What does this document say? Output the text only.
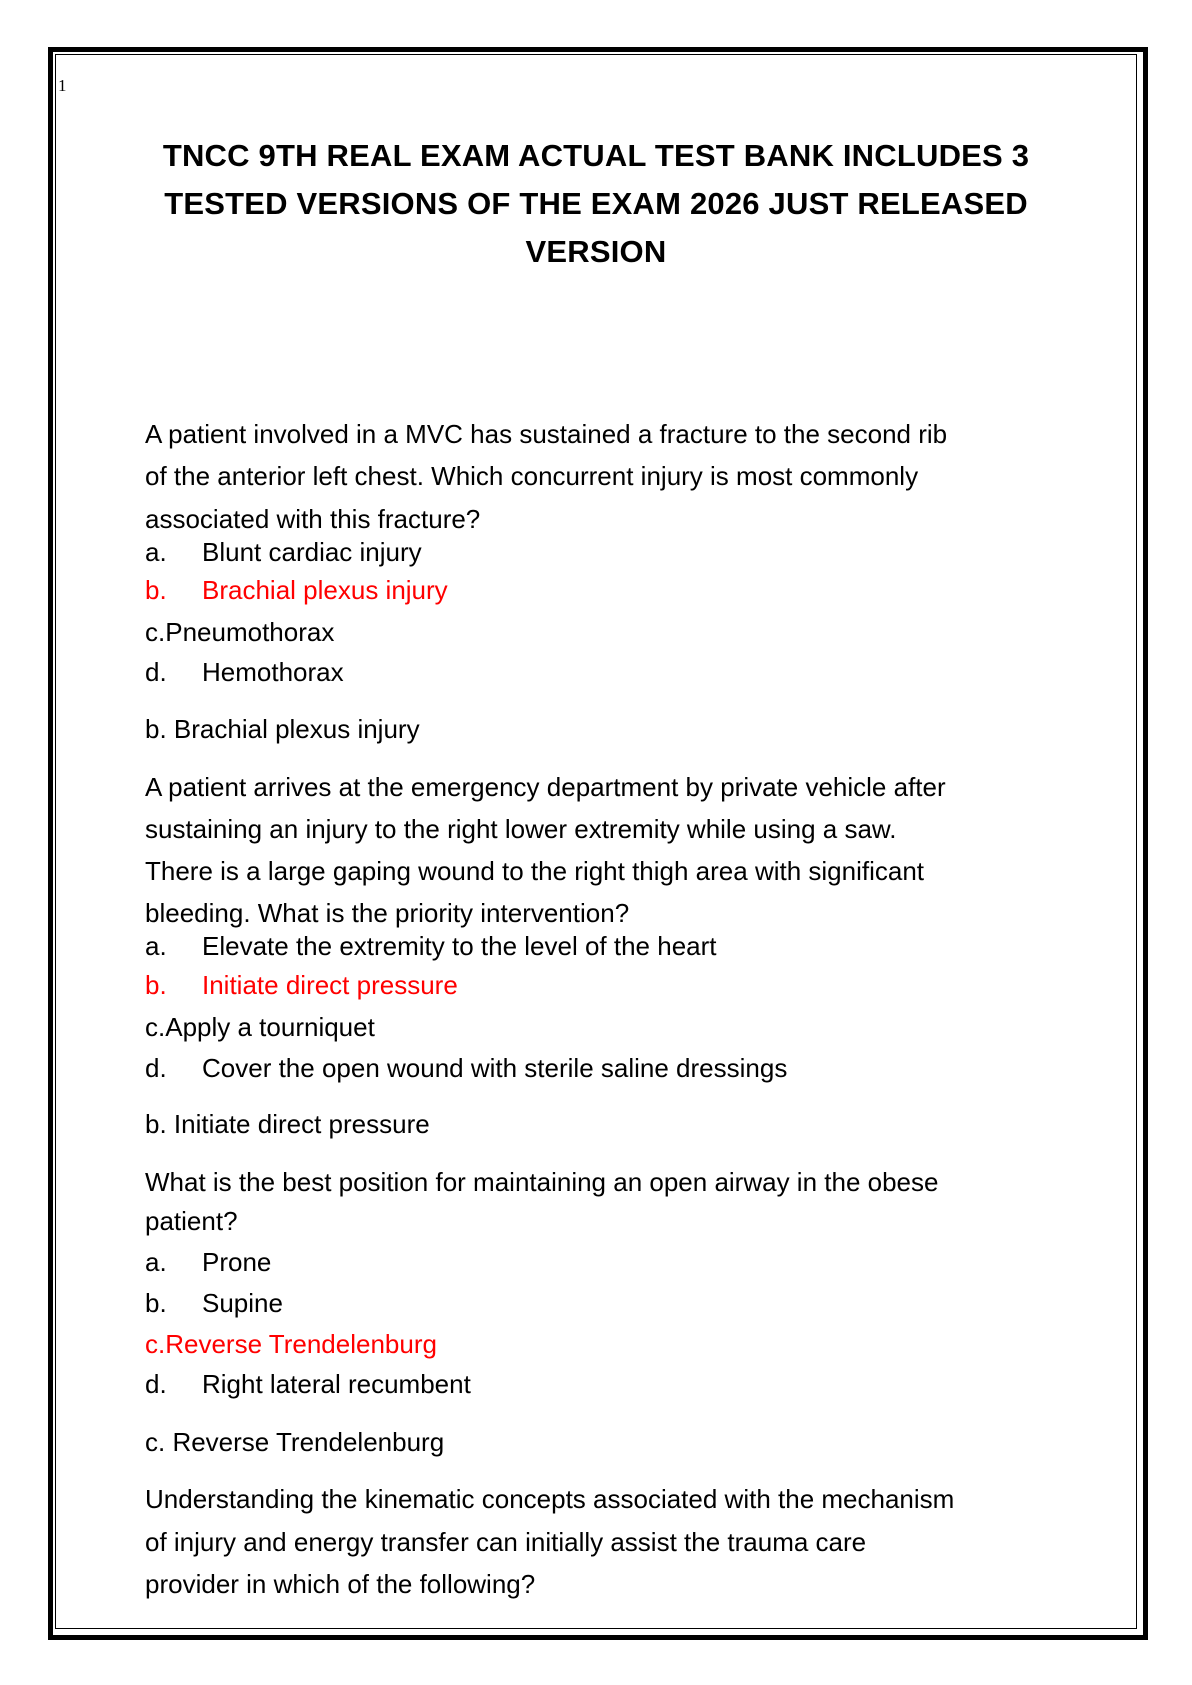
1
TNCC 9TH REAL EXAM ACTUAL TEST BANK INCLUDES 3
TESTED VERSIONS OF THE EXAM 2026 JUST RELEASED
VERSION
A patient involved in a MVC has sustained a fracture to the second rib
of the anterior left chest. Which concurrent injury is most commonly
associated with this fracture?
a. Blunt cardiac injury
b. Brachial plexus injury
c.Pneumothorax
d. Hemothorax
b. Brachial plexus injury
A patient arrives at the emergency department by private vehicle after
sustaining an injury to the right lower extremity while using a saw.
There is a large gaping wound to the right thigh area with significant
bleeding. What is the priority intervention?
a. Elevate the extremity to the level of the heart
b. Initiate direct pressure
c.Apply a tourniquet
d. Cover the open wound with sterile saline dressings
b. Initiate direct pressure
What is the best position for maintaining an open airway in the obese
patient?
a. Prone
b. Supine
c.Reverse Trendelenburg
d. Right lateral recumbent
c. Reverse Trendelenburg
Understanding the kinematic concepts associated with the mechanism
of injury and energy transfer can initially assist the trauma care
provider in which of the following?
